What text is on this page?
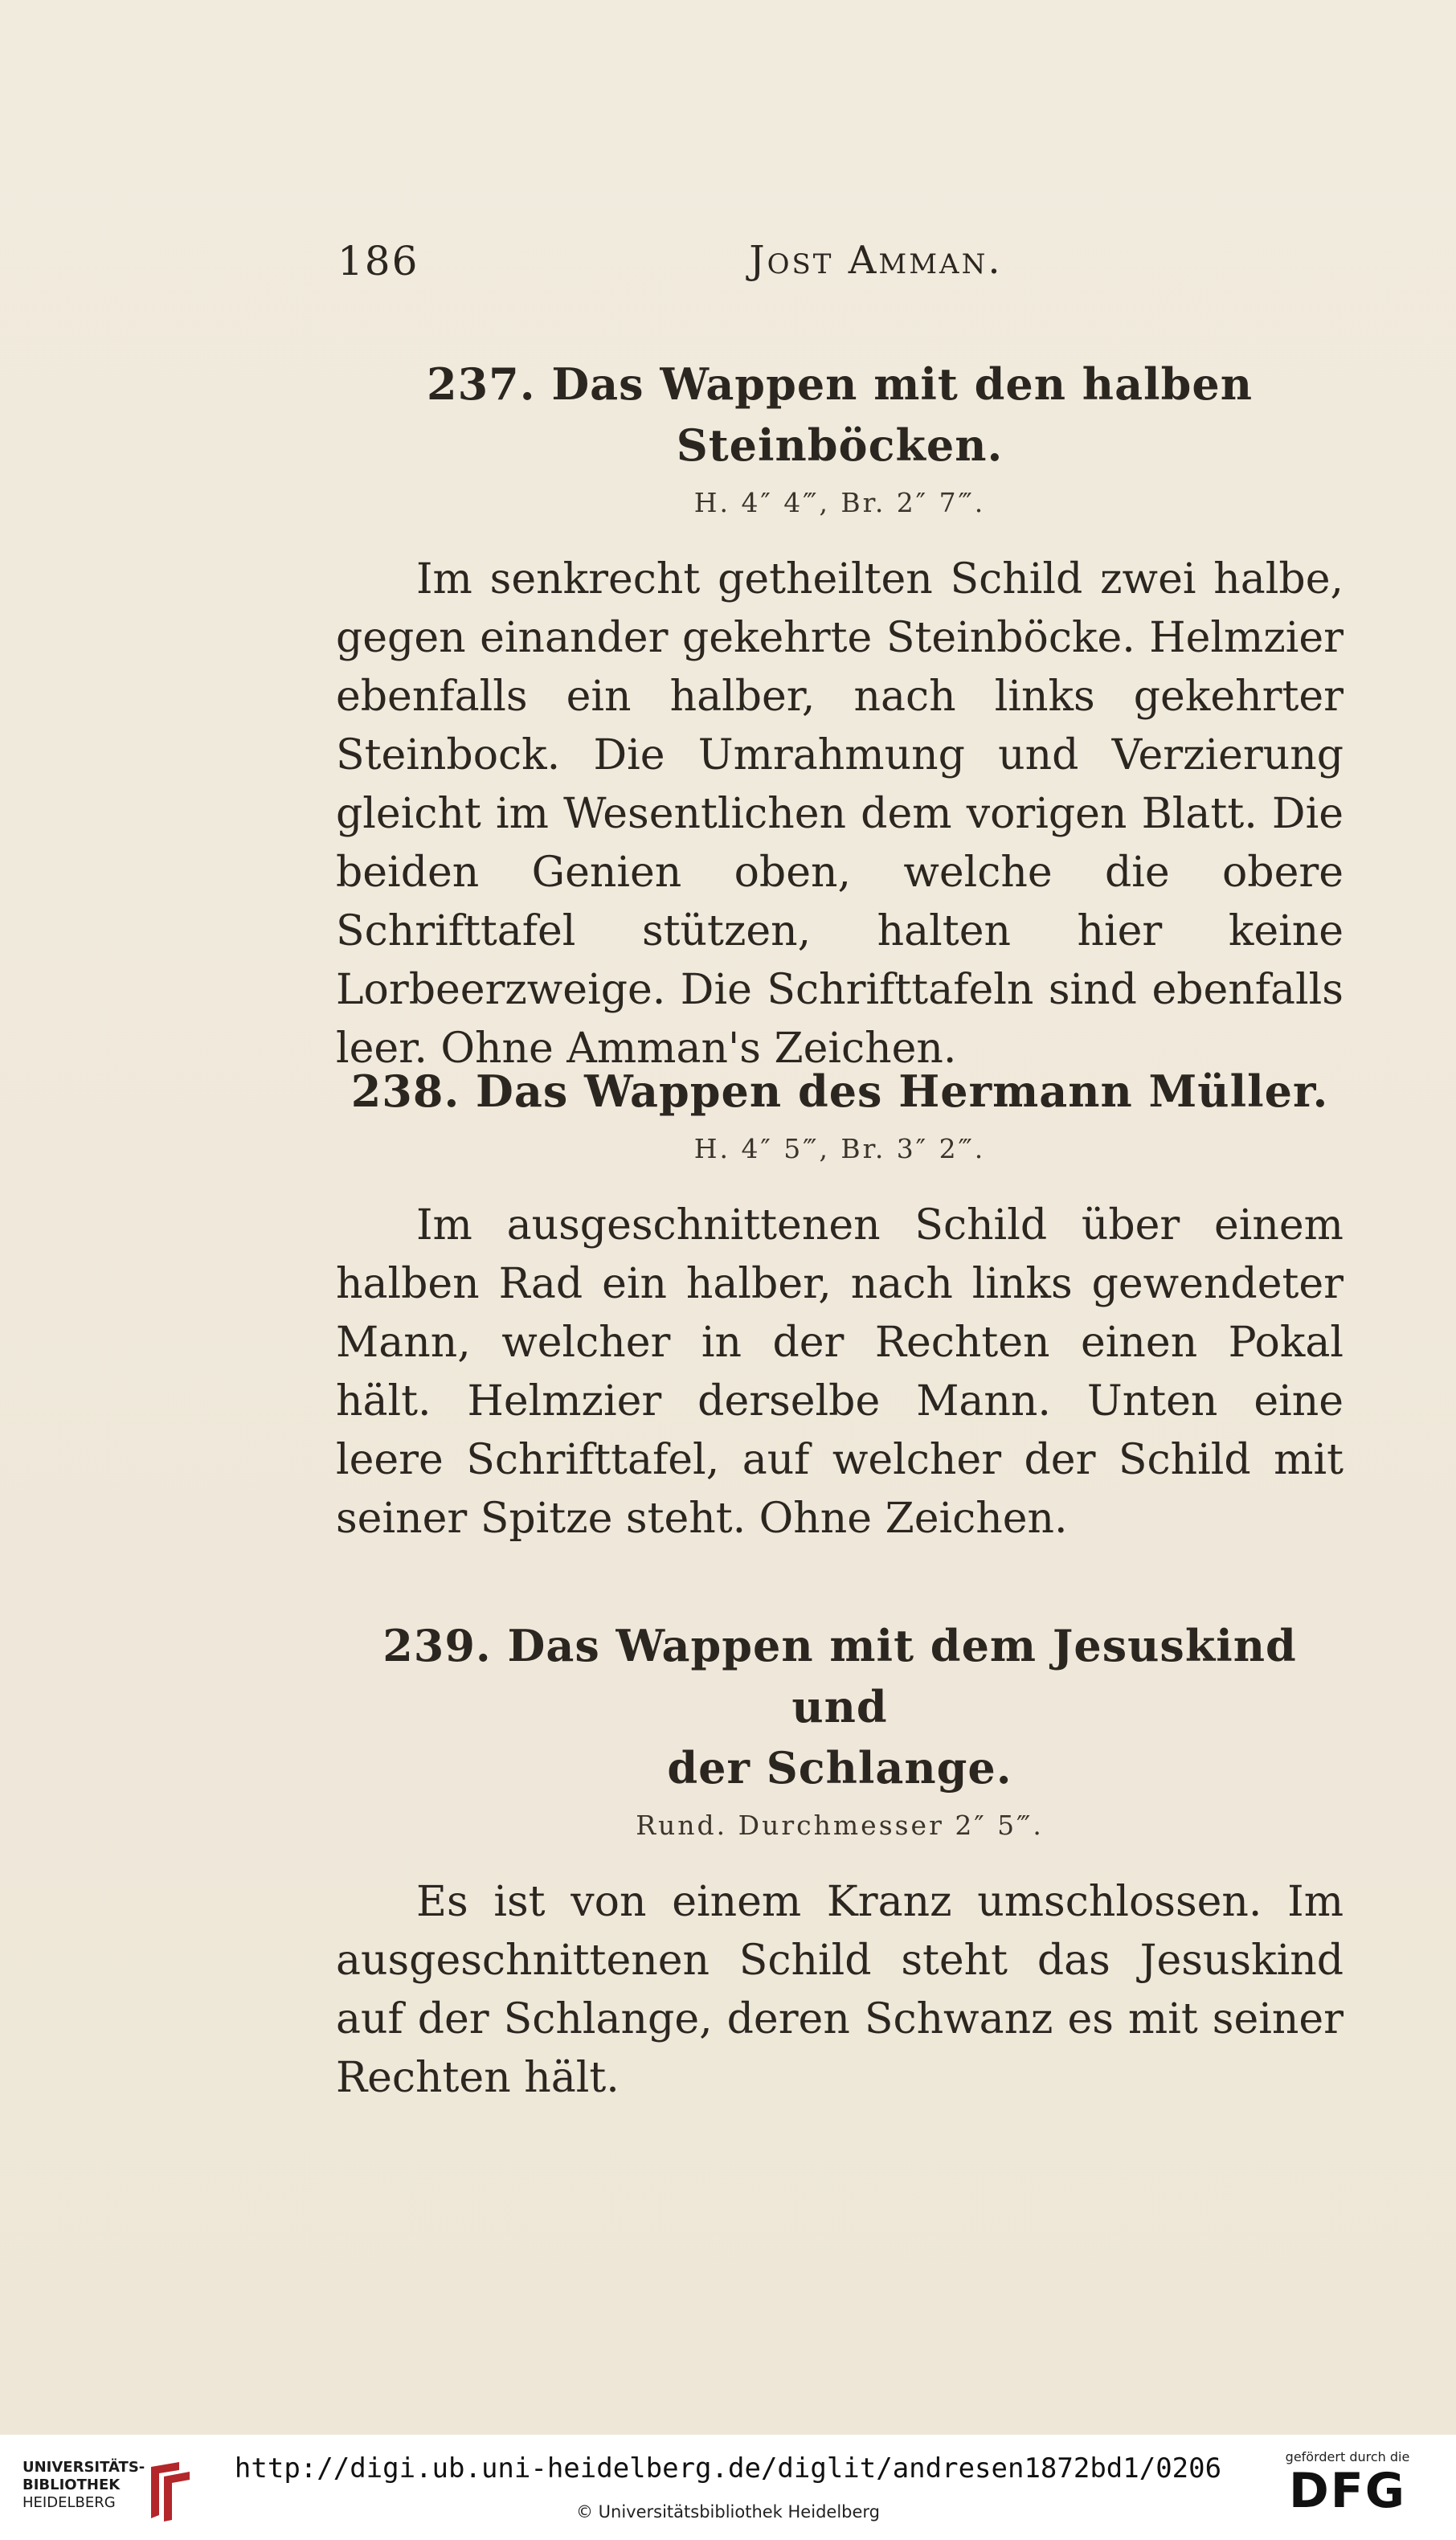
186	Jost Amman.
237. Das Wappen mit den halben Steinböcken.
H. 4″ 4‴, Br. 2″ 7‴.

Im senkrecht getheilten Schild zwei halbe, gegen einander gekehrte Steinböcke. Helmzier ebenfalls ein halber, nach links gekehrter Steinbock. Die Umrahmung und Verzierung gleicht im Wesentlichen dem vorigen Blatt. Die beiden Genien oben, welche die obere Schrifttafel stützen, halten hier keine Lorbeerzweige. Die Schrifttafeln sind ebenfalls leer. Ohne Amman's Zeichen.

238. Das Wappen des Hermann Müller.
H. 4″ 5‴, Br. 3″ 2‴.

Im ausgeschnittenen Schild über einem halben Rad ein halber, nach links gewendeter Mann, welcher in der Rechten einen Pokal hält. Helmzier derselbe Mann. Unten eine leere Schrifttafel, auf welcher der Schild mit seiner Spitze steht. Ohne Zeichen.

239. Das Wappen mit dem Jesuskind und
der Schlange.
Rund. Durchmesser 2″ 5‴.

Es ist von einem Kranz umschlossen. Im ausgeschnittenen Schild steht das Jesuskind auf der Schlange, deren Schwanz es mit seiner Rechten hält.

UNIVERSITÄTS-
BIBLIOTHEK
HEIDELBERG
http://digi.ub.uni-heidelberg.de/diglit/andresen1872bd1/0206
© Universitätsbibliothek Heidelberg
gefördert durch die
DFG
